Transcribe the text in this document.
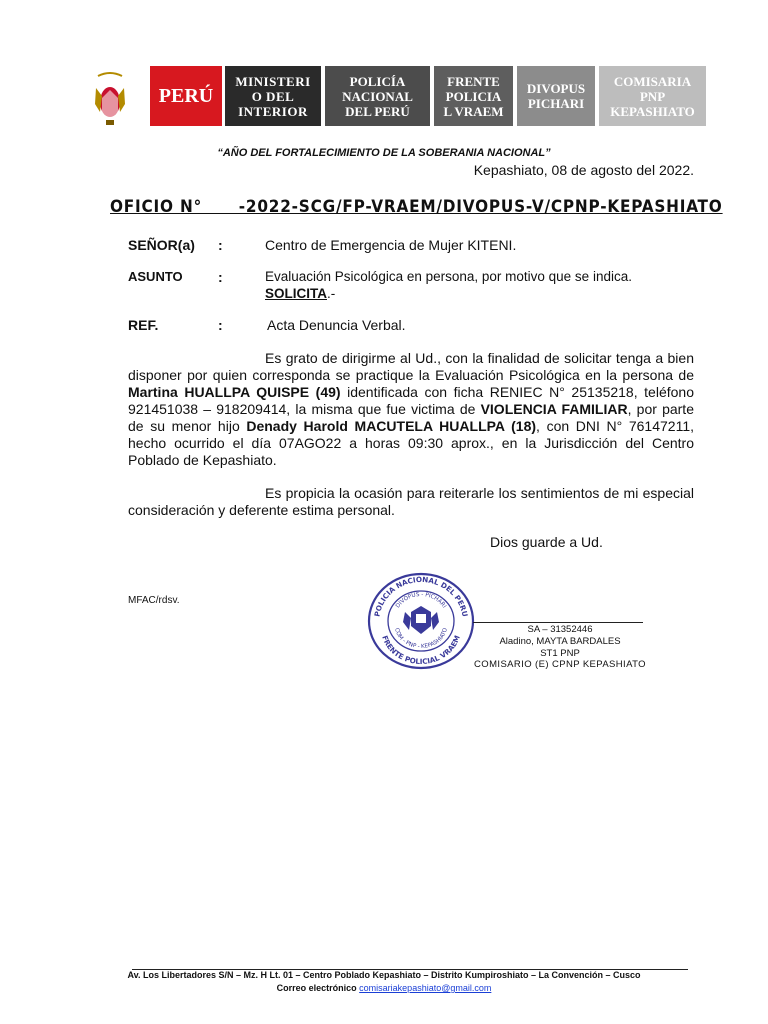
PERÚ
MINISTERI
O DEL
INTERIOR
POLICÍA
NACIONAL
DEL PERÚ
FRENTE
POLICIA
L VRAEM
DIVOPUS
PICHARI
COMISARIA
PNP
KEPASHIATO
“AÑO DEL FORTALECIMIENTO DE LA SOBERANIA NACIONAL”
Kepashiato, 08 de agosto del 2022.
OFICIO N°      -2022-SCG/FP-VRAEM/DIVOPUS-V/CPNP-KEPASHIATO
SEÑOR(a) :	Centro de Emergencia de Mujer KITENI.
ASUNTO	:	Evaluación Psicológica en persona, por motivo que se indica.
SOLICITA.-
REF.	:	Acta Denuncia Verbal.
Es grato de dirigirme al Ud., con la finalidad de solicitar tenga a bien disponer por quien corresponda se practique la Evaluación Psicológica en la persona de Martina HUALLPA QUISPE (49) identificada con ficha RENIEC N° 25135218, teléfono 921451038 – 918209414, la misma que fue victima de VIOLENCIA FAMILIAR, por parte de su menor hijo Denady Harold MACUTELA HUALLPA (18), con DNI N° 76147211, hecho ocurrido el día 07AGO22 a horas 09:30 aprox., en la Jurisdicción del Centro Poblado de Kepashiato.
Es propicia la ocasión para reiterarle los sentimientos de mi especial consideración y deferente estima personal.
Dios guarde a Ud.
MFAC/rdsv.
POLICIA NACIONAL DEL PERU
FRENTE POLICIAL VRAEM
DIVOPUS - PICHARI
COM - PNP - KEPASHIATO	SA – 31352446
Aladino, MAYTA BARDALES
ST1 PNP
COMISARIO (E) CPNP KEPASHIATO
Av. Los Libertadores S/N – Mz. H Lt. 01 – Centro Poblado Kepashiato – Distrito Kumpiroshiato – La Convención – Cusco
Correo electrónico comisariakepashiato@gmail.com
